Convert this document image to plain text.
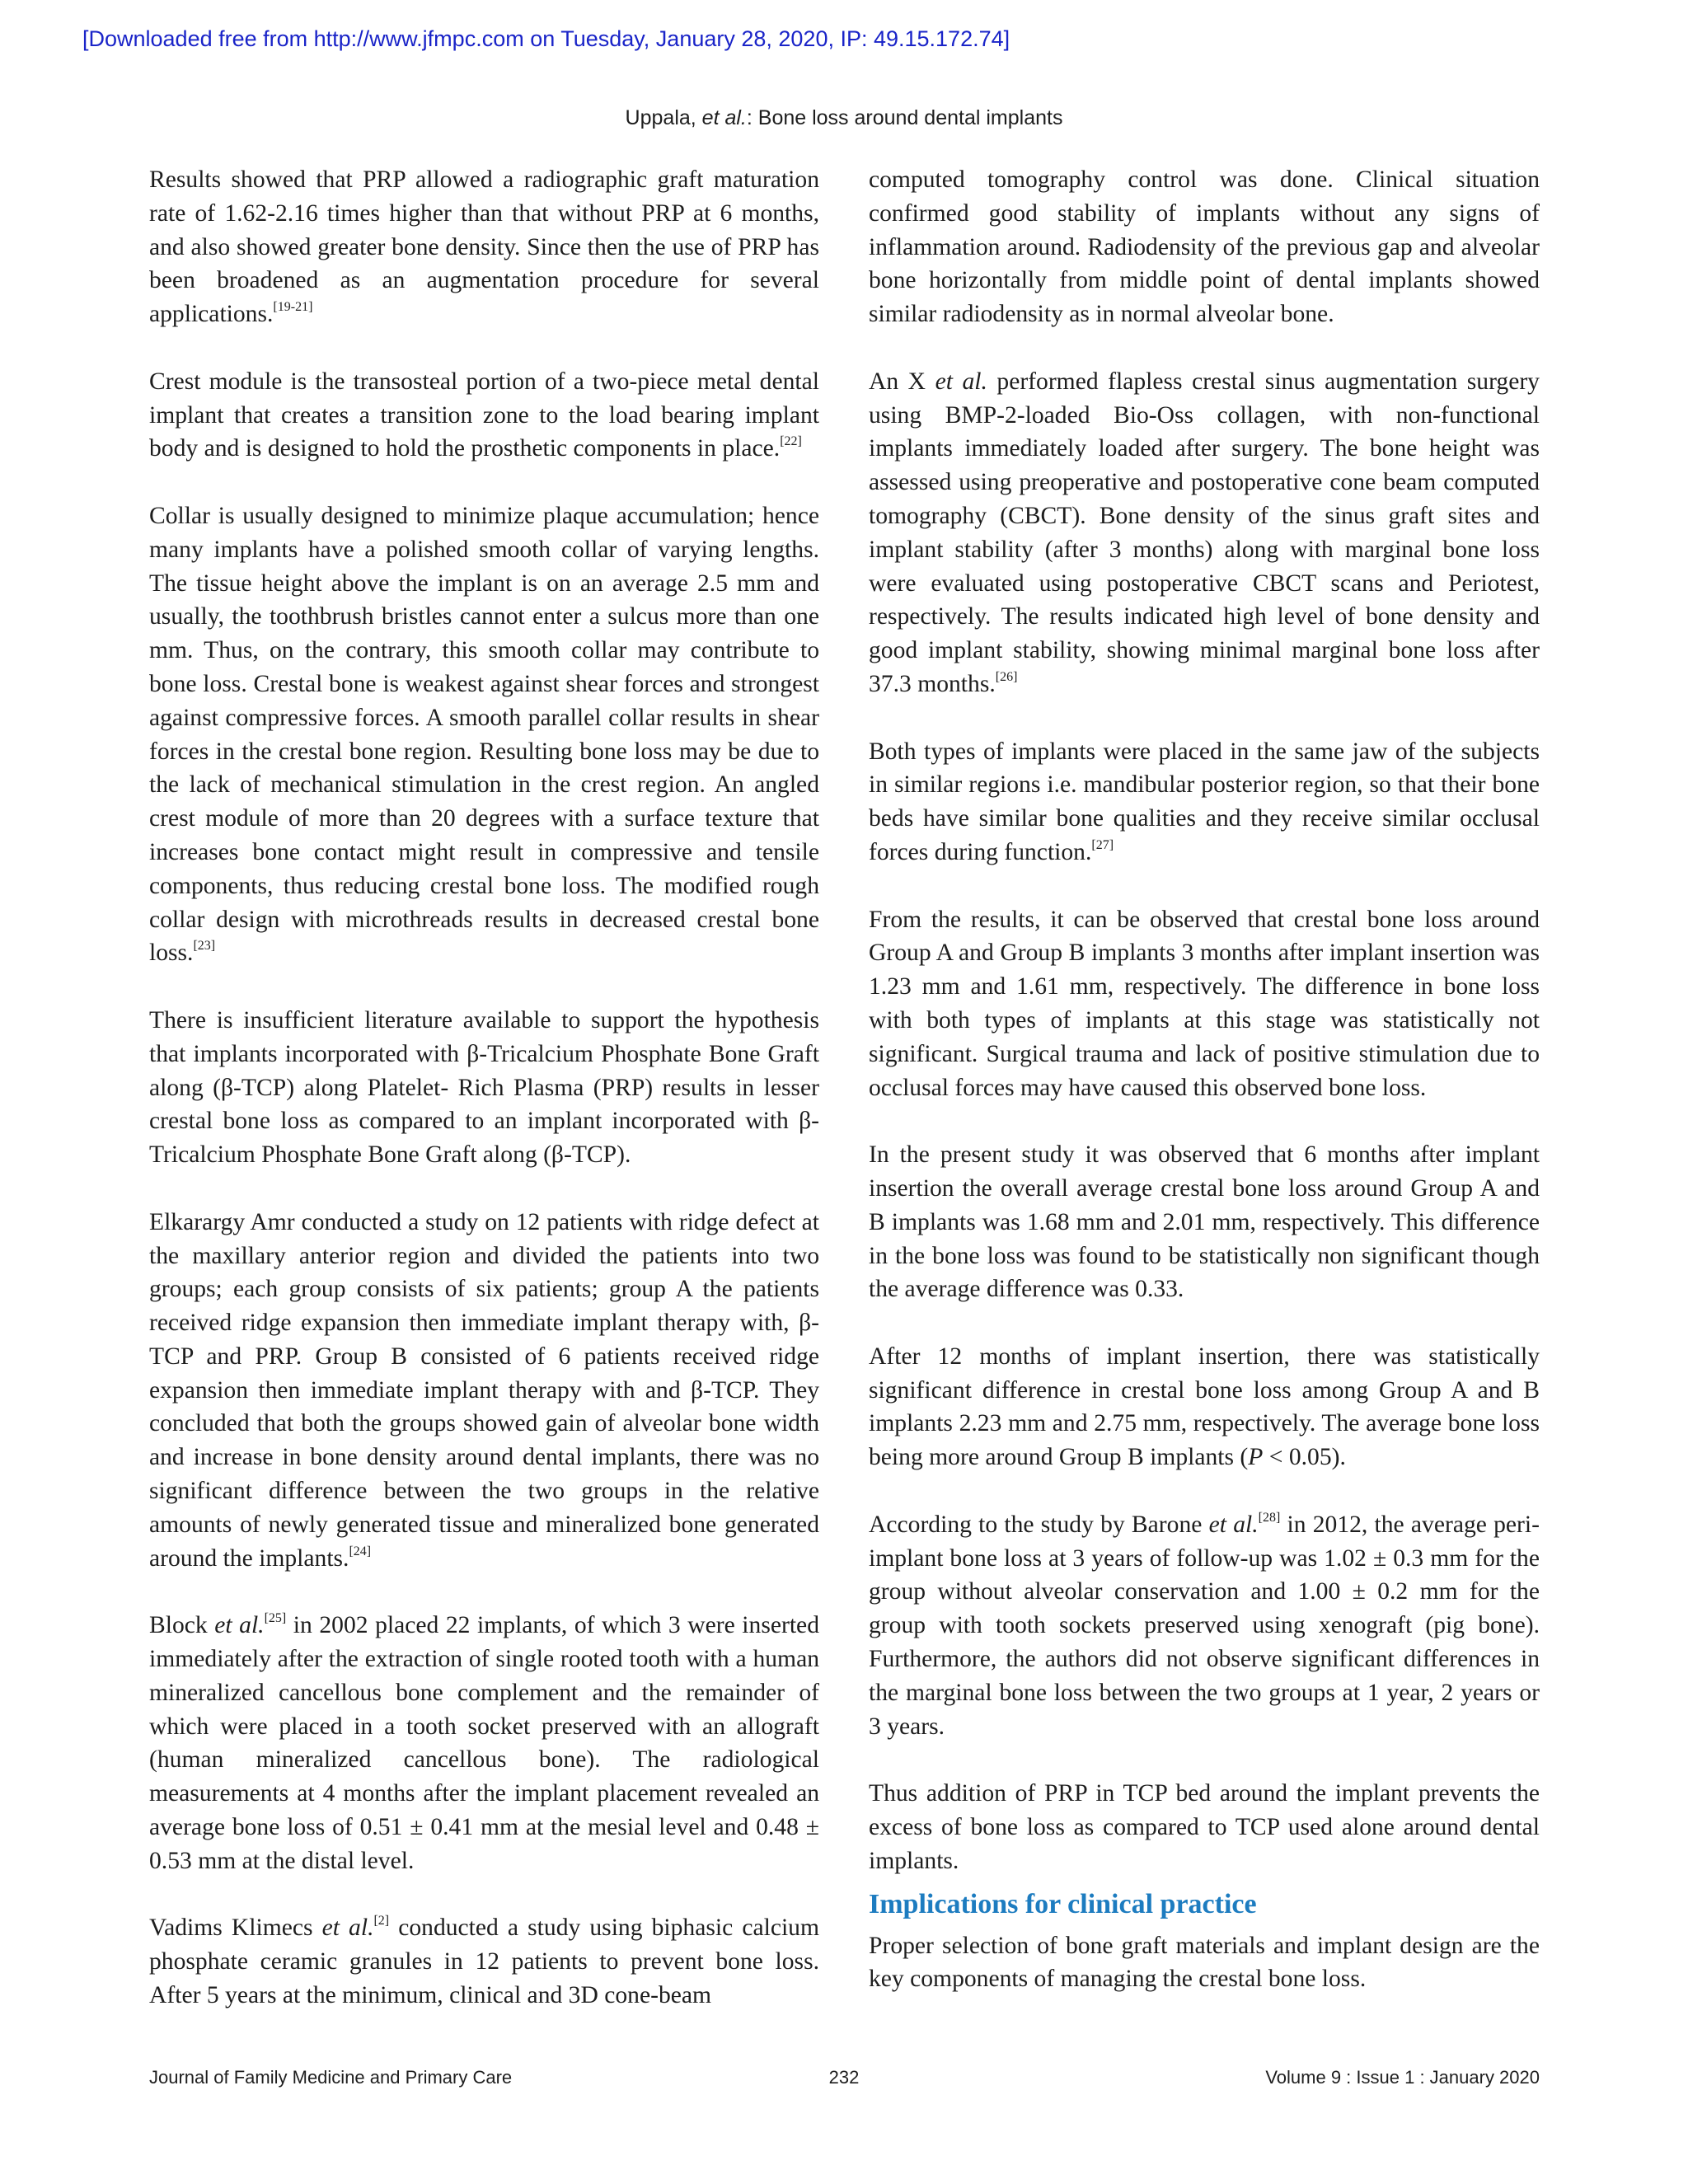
[Downloaded free from http://www.jfmpc.com on Tuesday, January 28, 2020, IP: 49.15.172.74]

Uppala, et al.: Bone loss around dental implants

Results showed that PRP allowed a radiographic graft maturation rate of 1.62-2.16 times higher than that without PRP at 6 months, and also showed greater bone density. Since then the use of PRP has been broadened as an augmentation procedure for several applications.[19-21]

Crest module is the transosteal portion of a two-piece metal dental implant that creates a transition zone to the load bearing implant body and is designed to hold the prosthetic components in place.[22]

Collar is usually designed to minimize plaque accumulation; hence many implants have a polished smooth collar of varying lengths. The tissue height above the implant is on an average 2.5 mm and usually, the toothbrush bristles cannot enter a sulcus more than one mm. Thus, on the contrary, this smooth collar may contribute to bone loss. Crestal bone is weakest against shear forces and strongest against compressive forces. A smooth parallel collar results in shear forces in the crestal bone region. Resulting bone loss may be due to the lack of mechanical stimulation in the crest region. An angled crest module of more than 20 degrees with a surface texture that increases bone contact might result in compressive and tensile components, thus reducing crestal bone loss. The modified rough collar design with microthreads results in decreased crestal bone loss.[23]

There is insufficient literature available to support the hypothesis that implants incorporated with β-Tricalcium Phosphate Bone Graft along (β-TCP) along Platelet- Rich Plasma (PRP) results in lesser crestal bone loss as compared to an implant incorporated with β-Tricalcium Phosphate Bone Graft along (β-TCP).

Elkarargy Amr conducted a study on 12 patients with ridge defect at the maxillary anterior region and divided the patients into two groups; each group consists of six patients; group A the patients received ridge expansion then immediate implant therapy with, β-TCP and PRP. Group B consisted of 6 patients received ridge expansion then immediate implant therapy with and β-TCP. They concluded that both the groups showed gain of alveolar bone width and increase in bone density around dental implants, there was no significant difference between the two groups in the relative amounts of newly generated tissue and mineralized bone generated around the implants.[24]

Block et al.[25] in 2002 placed 22 implants, of which 3 were inserted immediately after the extraction of single rooted tooth with a human mineralized cancellous bone complement and the remainder of which were placed in a tooth socket preserved with an allograft (human mineralized cancellous bone). The radiological measurements at 4 months after the implant placement revealed an average bone loss of 0.51 ± 0.41 mm at the mesial level and 0.48 ± 0.53 mm at the distal level.

Vadims Klimecs et al.[2] conducted a study using biphasic calcium phosphate ceramic granules in 12 patients to prevent bone loss. After 5 years at the minimum, clinical and 3D cone-beam

computed tomography control was done. Clinical situation confirmed good stability of implants without any signs of inflammation around. Radiodensity of the previous gap and alveolar bone horizontally from middle point of dental implants showed similar radiodensity as in normal alveolar bone.

An X et al. performed flapless crestal sinus augmentation surgery using BMP-2-loaded Bio-Oss collagen, with non-functional implants immediately loaded after surgery. The bone height was assessed using preoperative and postoperative cone beam computed tomography (CBCT). Bone density of the sinus graft sites and implant stability (after 3 months) along with marginal bone loss were evaluated using postoperative CBCT scans and Periotest, respectively. The results indicated high level of bone density and good implant stability, showing minimal marginal bone loss after 37.3 months.[26]

Both types of implants were placed in the same jaw of the subjects in similar regions i.e. mandibular posterior region, so that their bone beds have similar bone qualities and they receive similar occlusal forces during function.[27]

From the results, it can be observed that crestal bone loss around Group A and Group B implants 3 months after implant insertion was 1.23 mm and 1.61 mm, respectively. The difference in bone loss with both types of implants at this stage was statistically not significant. Surgical trauma and lack of positive stimulation due to occlusal forces may have caused this observed bone loss.

In the present study it was observed that 6 months after implant insertion the overall average crestal bone loss around Group A and B implants was 1.68 mm and 2.01 mm, respectively. This difference in the bone loss was found to be statistically non significant though the average difference was 0.33.

After 12 months of implant insertion, there was statistically significant difference in crestal bone loss among Group A and B implants 2.23 mm and 2.75 mm, respectively. The average bone loss being more around Group B implants (P < 0.05).

According to the study by Barone et al.[28] in 2012, the average peri-implant bone loss at 3 years of follow-up was 1.02 ± 0.3 mm for the group without alveolar conservation and 1.00 ± 0.2 mm for the group with tooth sockets preserved using xenograft (pig bone). Furthermore, the authors did not observe significant differences in the marginal bone loss between the two groups at 1 year, 2 years or 3 years.

Thus addition of PRP in TCP bed around the implant prevents the excess of bone loss as compared to TCP used alone around dental implants.

Implications for clinical practice

Proper selection of bone graft materials and implant design are the key components of managing the crestal bone loss.

Journal of Family Medicine and Primary Care	232	Volume 9 : Issue 1 : January 2020
